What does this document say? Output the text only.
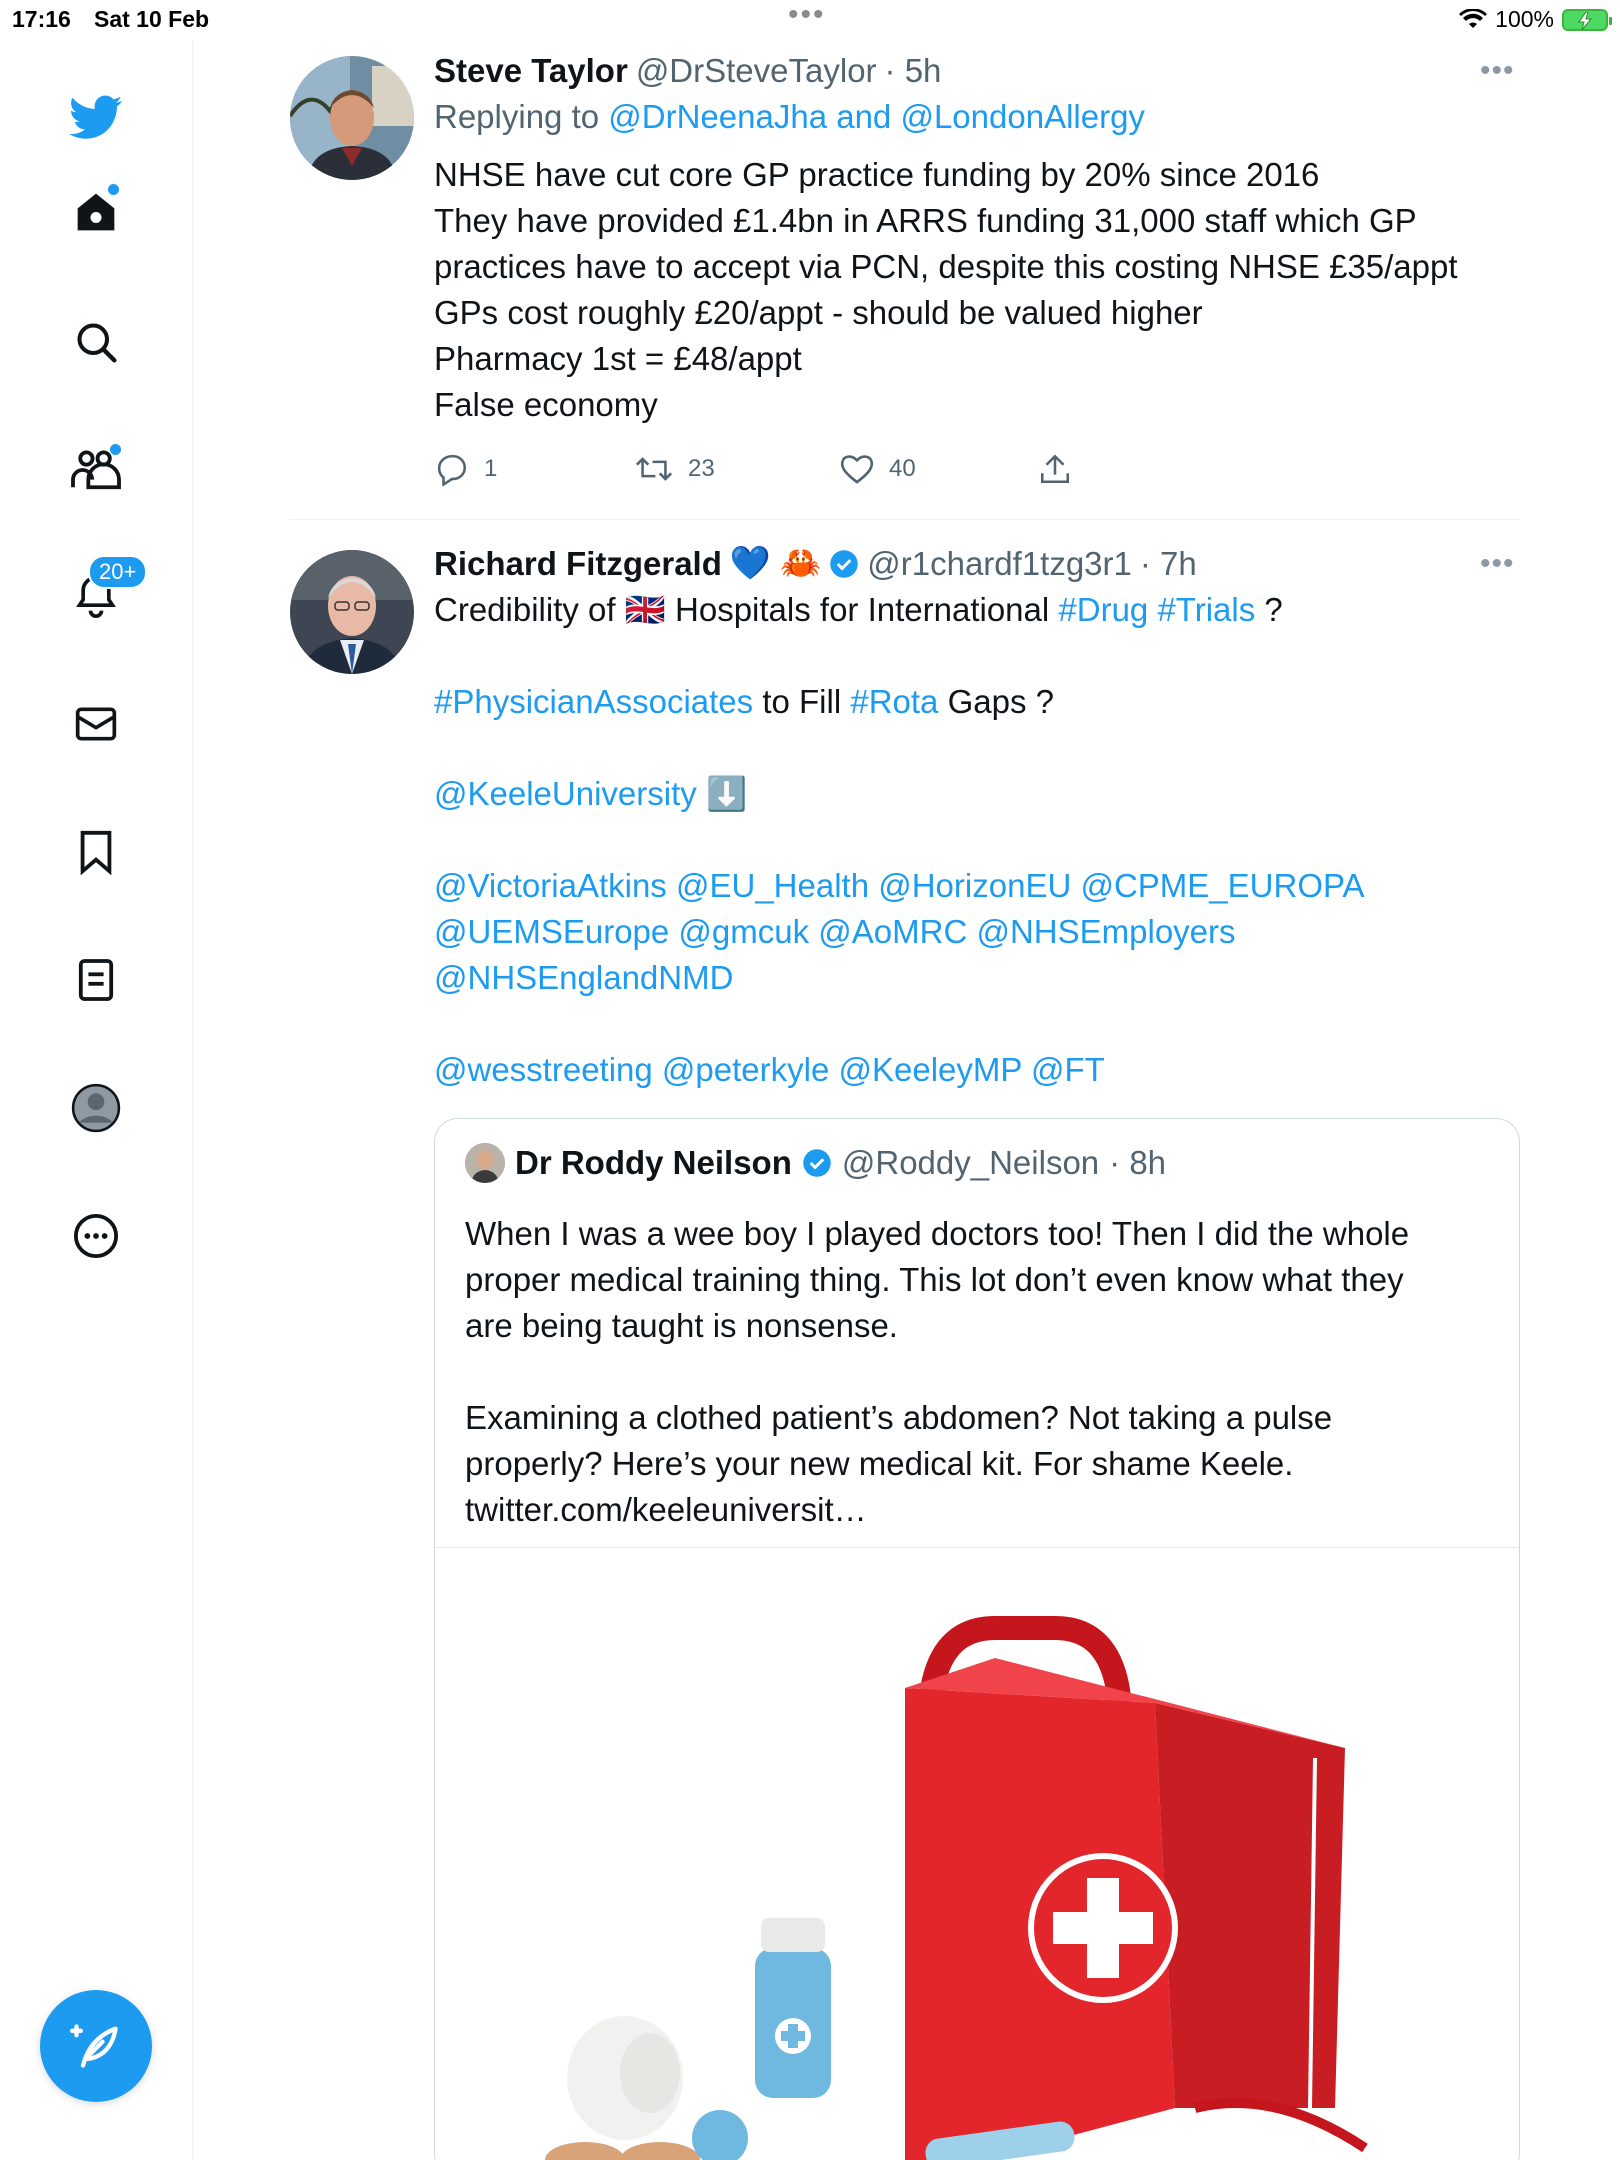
17:16 Sat 10 Feb	•••	100%
20+
Steve Taylor @DrSteveTaylor · 5h
Replying to @DrNeenaJha and @LondonAllergy
NHSE have cut core GP practice funding by 20% since 2016
They have provided £1.4bn in ARRS funding 31,000 staff which GP
practices have to accept via PCN, despite this costing NHSE £35/appt
GPs cost roughly £20/appt - should be valued higher
Pharmacy 1st = £48/appt
False economy
•••
1	23	40
Richard Fitzgerald 💙 🦀 @r1chardf1tzg3r1 · 7h
Credibility of 🇬🇧 Hospitals for International #Drug #Trials ?
#PhysicianAssociates to Fill #Rota Gaps ?
@KeeleUniversity ⬇️
@VictoriaAtkins @EU_Health @HorizonEU @CPME_EUROPA
@UEMSEurope @gmcuk @AoMRC @NHSEmployers
@NHSEnglandNMD
@wesstreeting @peterkyle @KeeleyMP @FT
•••
Dr Roddy Neilson @Roddy_Neilson · 8h
When I was a wee boy I played doctors too! Then I did the whole
proper medical training thing. This lot don’t even know what they
are being taught is nonsense.
Examining a clothed patient’s abdomen? Not taking a pulse
properly? Here’s your new medical kit. For shame Keele.
twitter.com/keeleuniversit…
